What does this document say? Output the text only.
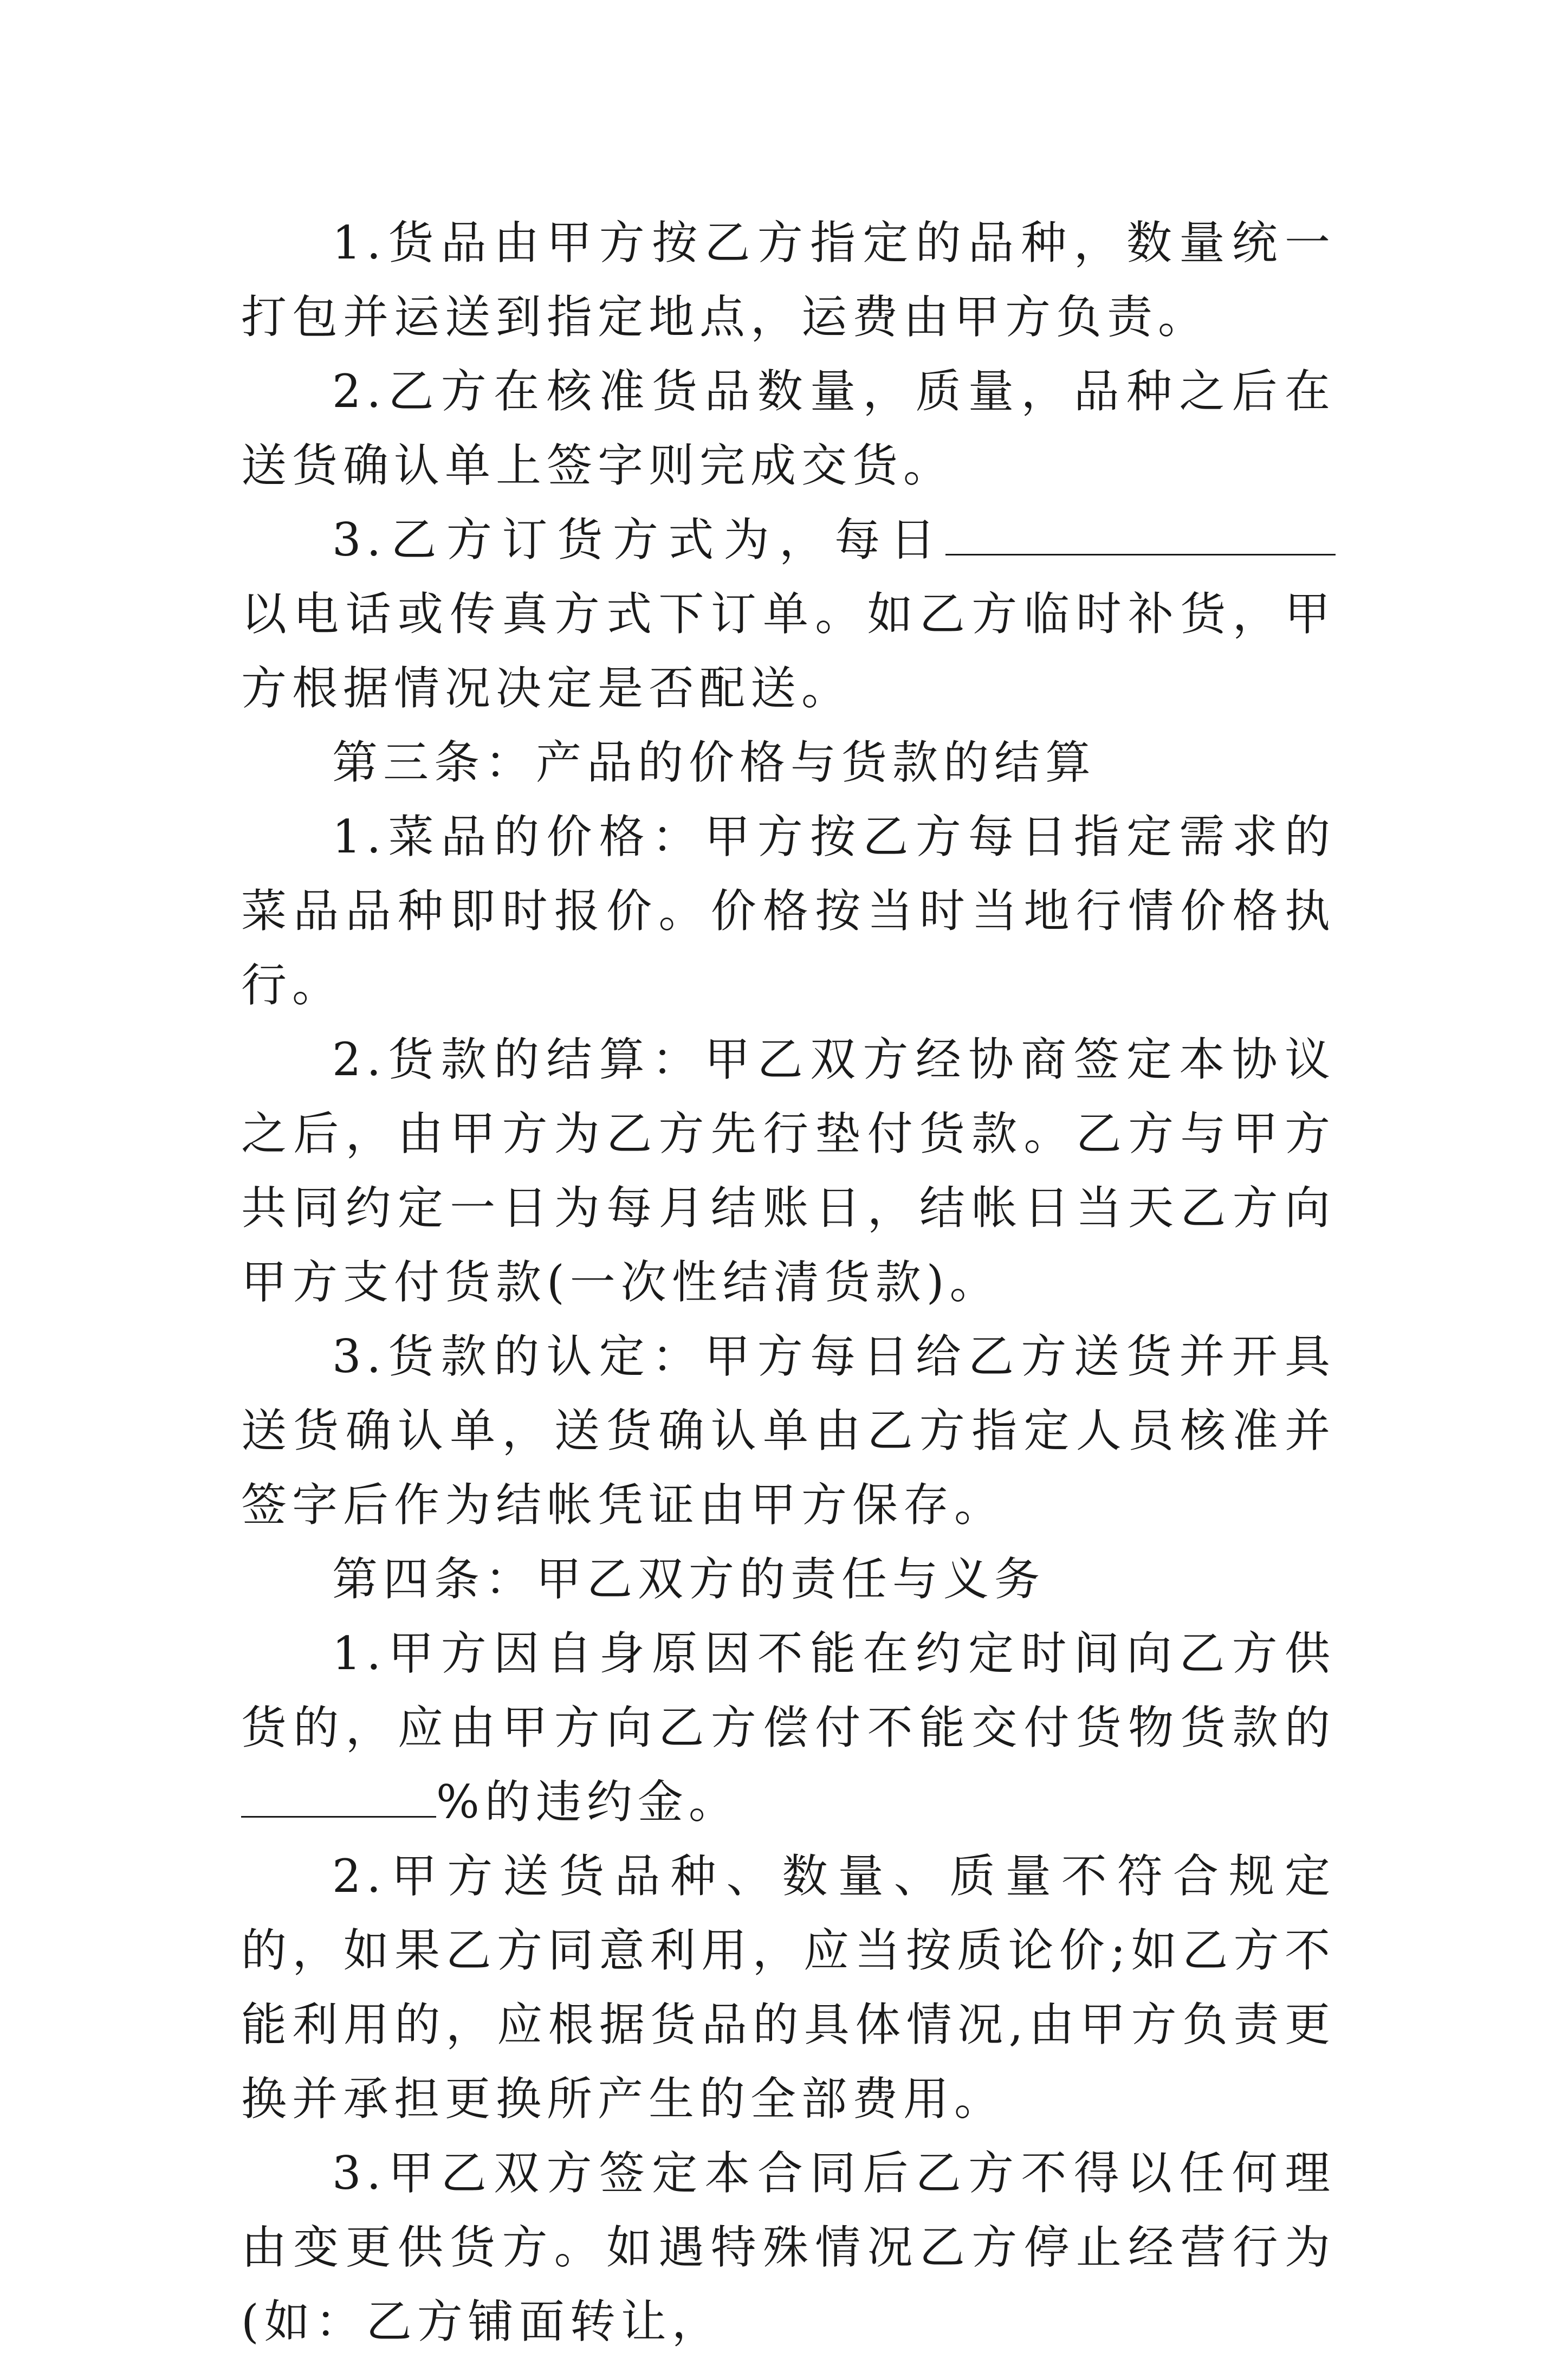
1.货品由甲方按乙方指定的品种，数量统一打包并运送到指定地点，运费由甲方负责。

2.乙方在核准货品数量，质量，品种之后在送货确认单上签字则完成交货。

3.乙方订货方式为，每日以电话或传真方式下订单。如乙方临时补货，甲方根据情况决定是否配送。

第三条：产品的价格与货款的结算

1.菜品的价格：甲方按乙方每日指定需求的菜品品种即时报价。价格按当时当地行情价格执行。

2.货款的结算：甲乙双方经协商签定本协议之后，由甲方为乙方先行垫付货款。乙方与甲方共同约定一日为每月结账日，结帐日当天乙方向甲方支付货款(一次性结清货款)。

3.货款的认定：甲方每日给乙方送货并开具送货确认单，送货确认单由乙方指定人员核准并签字后作为结帐凭证由甲方保存。

第四条：甲乙双方的责任与义务

1.甲方因自身原因不能在约定时间向乙方供货的，应由甲方向乙方偿付不能交付货物货款的%的违约金。

2.甲方送货品种、数量、质量不符合规定的，如果乙方同意利用，应当按质论价;如乙方不能利用的，应根据货品的具体情况,由甲方负责更换并承担更换所产生的全部费用。

3.甲乙双方签定本合同后乙方不得以任何理由变更供货方。如遇特殊情况乙方停止经营行为(如：乙方铺面转让，
